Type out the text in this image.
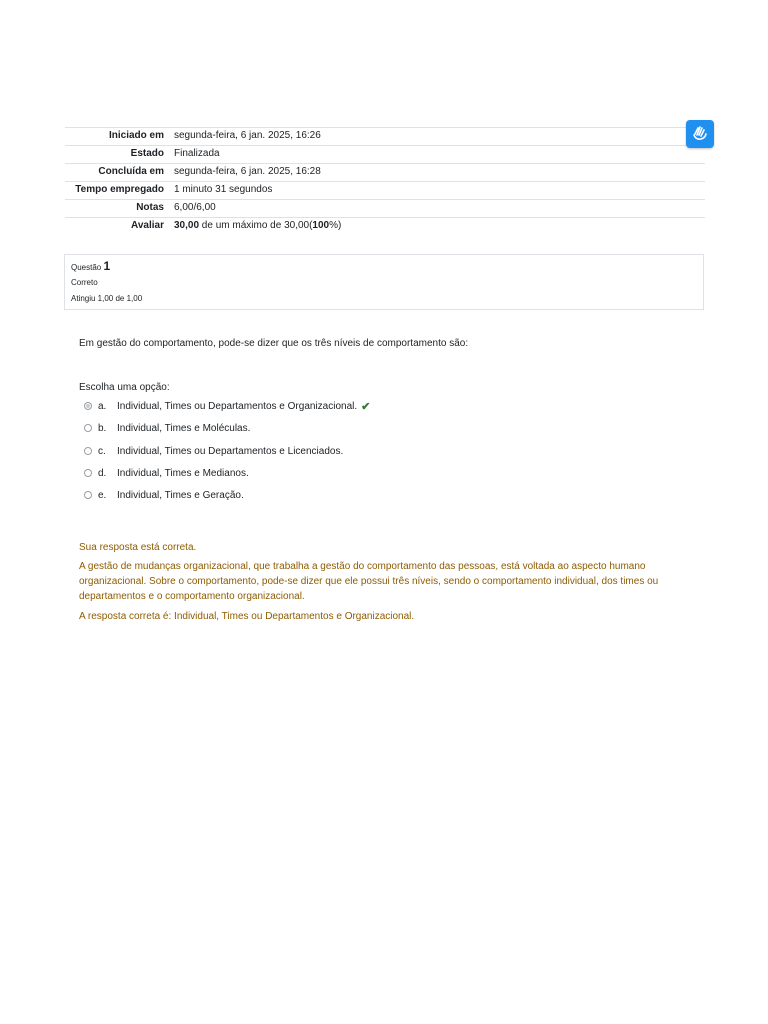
Iniciado em	segunda-feira, 6 jan. 2025, 16:26
Estado	Finalizada
Concluída em	segunda-feira, 6 jan. 2025, 16:28
Tempo empregado	1 minuto 31 segundos
Notas	6,00/6,00
Avaliar	30,00 de um máximo de 30,00(100%)
Questão 1
Correto
Atingiu 1,00 de 1,00
Em gestão do comportamento, pode-se dizer que os três níveis de comportamento são:
Escolha uma opção:
a.	Individual, Times ou Departamentos e Organizacional. ✔
b.	Individual, Times e Moléculas.
c.	Individual, Times ou Departamentos e Licenciados.
d.	Individual, Times e Medianos.
e.	Individual, Times e Geração.
Sua resposta está correta.
A gestão de mudanças organizacional, que trabalha a gestão do comportamento das pessoas, está voltada ao aspecto humano organizacional. Sobre o comportamento, pode-se dizer que ele possui três níveis, sendo o comportamento individual, dos times ou departamentos e o comportamento organizacional.
A resposta correta é: Individual, Times ou Departamentos e Organizacional.
